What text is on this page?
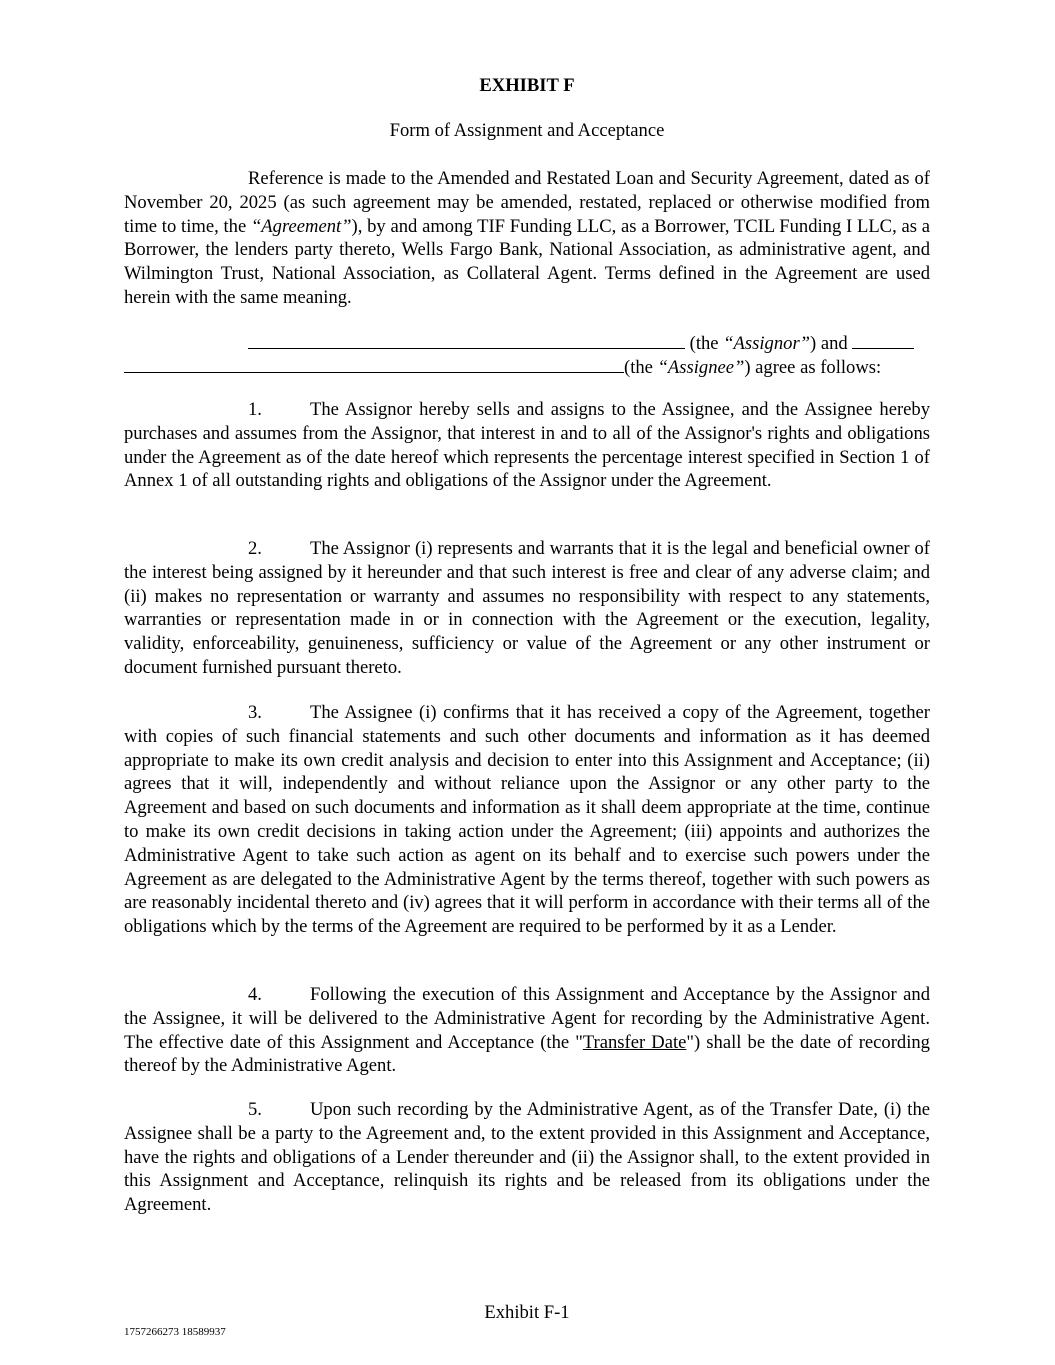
EXHIBIT F
Form of Assignment and Acceptance

Reference is made to the Amended and Restated Loan and Security Agreement, dated as of November 20, 2025 (as such agreement may be amended, restated, replaced or otherwise modified from time to time, the “Agreement”), by and among TIF Funding LLC, as a Borrower, TCIL Funding I LLC, as a Borrower, the lenders party thereto, Wells Fargo Bank, National Association, as administrative agent, and Wilmington Trust, National Association, as Collateral Agent. Terms defined in the Agreement are used herein with the same meaning.

(the “Assignor”) and

(the “Assignee”) agree as follows:

1.	The Assignor hereby sells and assigns to the Assignee, and the Assignee hereby purchases and assumes from the Assignor, that interest in and to all of the Assignor's rights and obligations under the Agreement as of the date hereof which represents the percentage interest specified in Section 1 of Annex 1 of all outstanding rights and obligations of the Assignor under the Agreement.

2.	The Assignor (i) represents and warrants that it is the legal and beneficial owner of the interest being assigned by it hereunder and that such interest is free and clear of any adverse claim; and (ii) makes no representation or warranty and assumes no responsibility with respect to any statements, warranties or representation made in or in connection with the Agreement or the execution, legality, validity, enforceability, genuineness, sufficiency or value of the Agreement or any other instrument or document furnished pursuant thereto.

3.	The Assignee (i) confirms that it has received a copy of the Agreement, together with copies of such financial statements and such other documents and information as it has deemed appropriate to make its own credit analysis and decision to enter into this Assignment and Acceptance; (ii) agrees that it will, independently and without reliance upon the Assignor or any other party to the Agreement and based on such documents and information as it shall deem appropriate at the time, continue to make its own credit decisions in taking action under the Agreement; (iii) appoints and authorizes the Administrative Agent to take such action as agent on its behalf and to exercise such powers under the Agreement as are delegated to the Administrative Agent by the terms thereof, together with such powers as are reasonably incidental thereto and (iv) agrees that it will perform in accordance with their terms all of the obligations which by the terms of the Agreement are required to be performed by it as a Lender.

4.	Following the execution of this Assignment and Acceptance by the Assignor and the Assignee, it will be delivered to the Administrative Agent for recording by the Administrative Agent. The effective date of this Assignment and Acceptance (the "Transfer Date") shall be the date of recording thereof by the Administrative Agent.

5.	Upon such recording by the Administrative Agent, as of the Transfer Date, (i) the Assignee shall be a party to the Agreement and, to the extent provided in this Assignment and Acceptance, have the rights and obligations of a Lender thereunder and (ii) the Assignor shall, to the extent provided in this Assignment and Acceptance, relinquish its rights and be released from its obligations under the Agreement.

Exhibit F-1
1757266273 18589937
